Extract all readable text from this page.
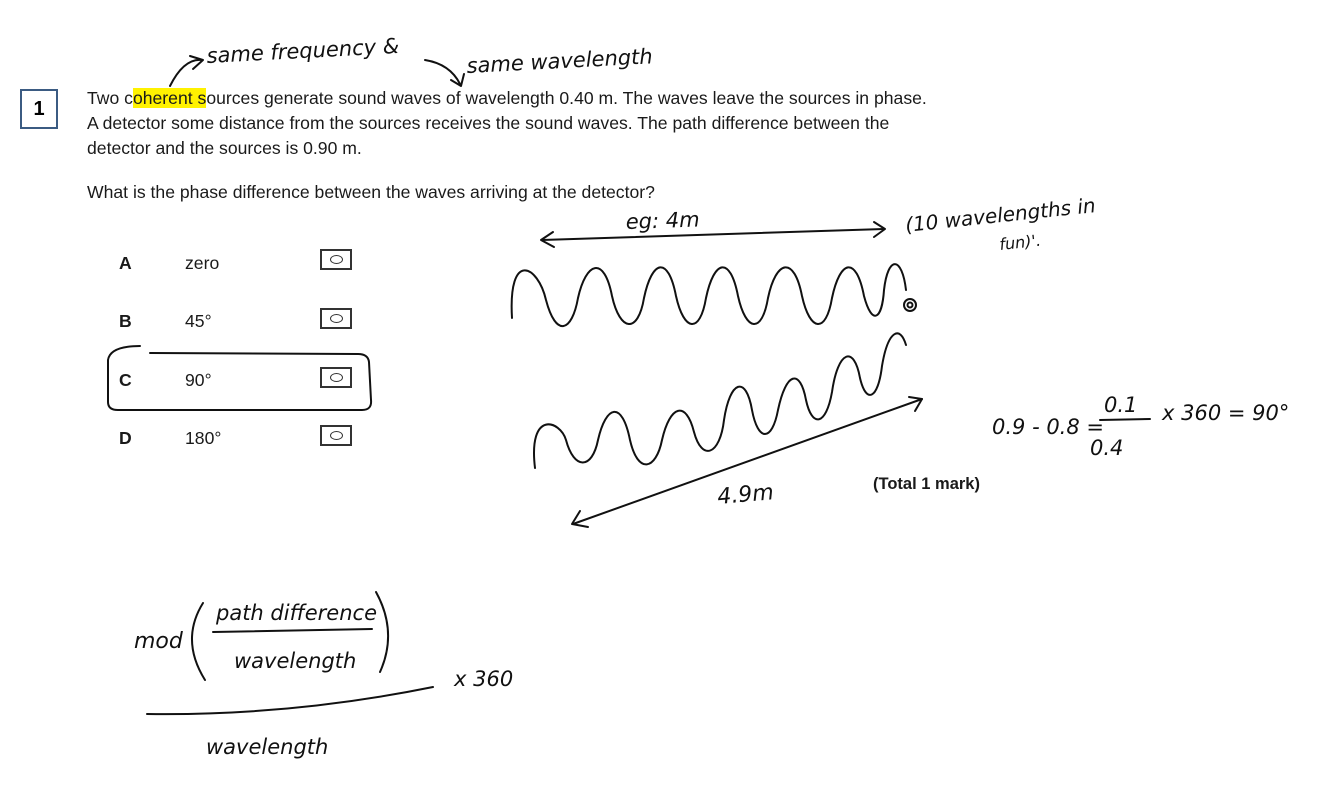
1	Two coherent sources generate sound waves of wavelength 0.40 m. The waves leave the sources in phase. A detector some distance from the sources receives the sound waves. The path difference between the detector and the sources is 0.90 m.

What is the phase difference between the waves arriving at the detector?

A	zero
B	45°
C	90°
D	180°
(Total 1 mark)
same frequency &	same wavelength
eg: 4m	(10 wavelengths in
fun)'.
4.9m
0.9 - 0.8 =
0.1
0.4
x 360 = 90°
mod
path difference
wavelength
x 360
wavelength
